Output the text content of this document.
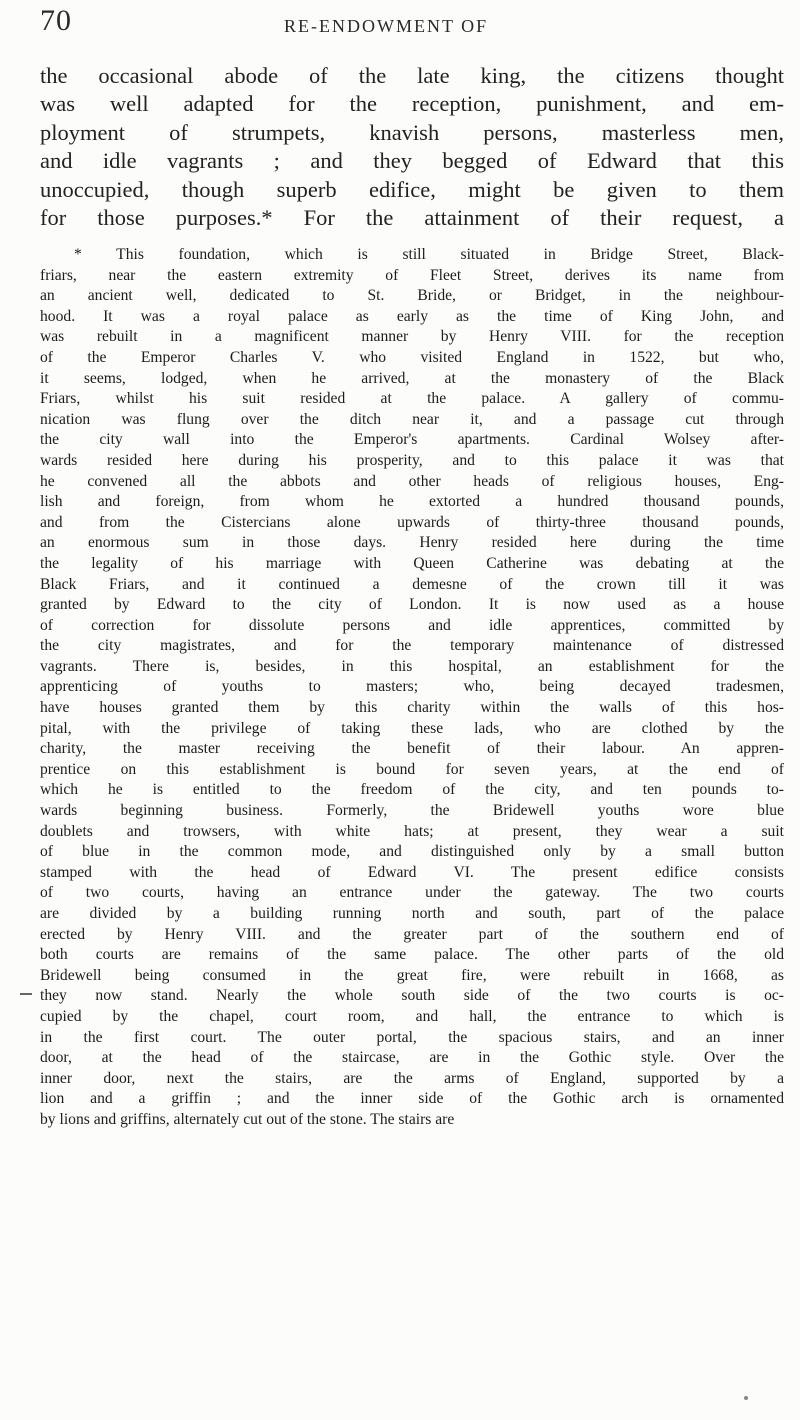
70	RE-ENDOWMENT OF
the occasional abode of the late king, the citizens thought
was well adapted for the reception, punishment, and em-
ployment of strumpets, knavish persons, masterless men,
and idle vagrants ; and they begged of Edward that this
unoccupied, though superb edifice, might be given to them
for those purposes.* For the attainment of their request, a
* This foundation, which is still situated in Bridge Street, Black-
friars, near the eastern extremity of Fleet Street, derives its name from
an ancient well, dedicated to St. Bride, or Bridget, in the neighbour-
hood. It was a royal palace as early as the time of King John, and
was rebuilt in a magnificent manner by Henry VIII. for the reception
of the Emperor Charles V. who visited England in 1522, but who,
it seems, lodged, when he arrived, at the monastery of the Black
Friars, whilst his suit resided at the palace. A gallery of commu-
nication was flung over the ditch near it, and a passage cut through
the city wall into the Emperor's apartments. Cardinal Wolsey after-
wards resided here during his prosperity, and to this palace it was that
he convened all the abbots and other heads of religious houses, Eng-
lish and foreign, from whom he extorted a hundred thousand pounds,
and from the Cistercians alone upwards of thirty-three thousand pounds,
an enormous sum in those days. Henry resided here during the time
the legality of his marriage with Queen Catherine was debating at the
Black Friars, and it continued a demesne of the crown till it was
granted by Edward to the city of London. It is now used as a house
of correction for dissolute persons and idle apprentices, committed by
the city magistrates, and for the temporary maintenance of distressed
vagrants. There is, besides, in this hospital, an establishment for the
apprenticing of youths to masters; who, being decayed tradesmen,
have houses granted them by this charity within the walls of this hos-
pital, with the privilege of taking these lads, who are clothed by the
charity, the master receiving the benefit of their labour. An appren-
prentice on this establishment is bound for seven years, at the end of
which he is entitled to the freedom of the city, and ten pounds to-
wards beginning business. Formerly, the Bridewell youths wore blue
doublets and trowsers, with white hats; at present, they wear a suit
of blue in the common mode, and distinguished only by a small button
stamped with the head of Edward VI. The present edifice consists
of two courts, having an entrance under the gateway. The two courts
are divided by a building running north and south, part of the palace
erected by Henry VIII. and the greater part of the southern end of
both courts are remains of the same palace. The other parts of the old
Bridewell being consumed in the great fire, were rebuilt in 1668, as
they now stand. Nearly the whole south side of the two courts is oc-
cupied by the chapel, court room, and hall, the entrance to which is
in the first court. The outer portal, the spacious stairs, and an inner
door, at the head of the staircase, are in the Gothic style. Over the
inner door, next the stairs, are the arms of England, supported by a
lion and a griffin ; and the inner side of the Gothic arch is ornamented
by lions and griffins, alternately cut out of the stone. The stairs are
